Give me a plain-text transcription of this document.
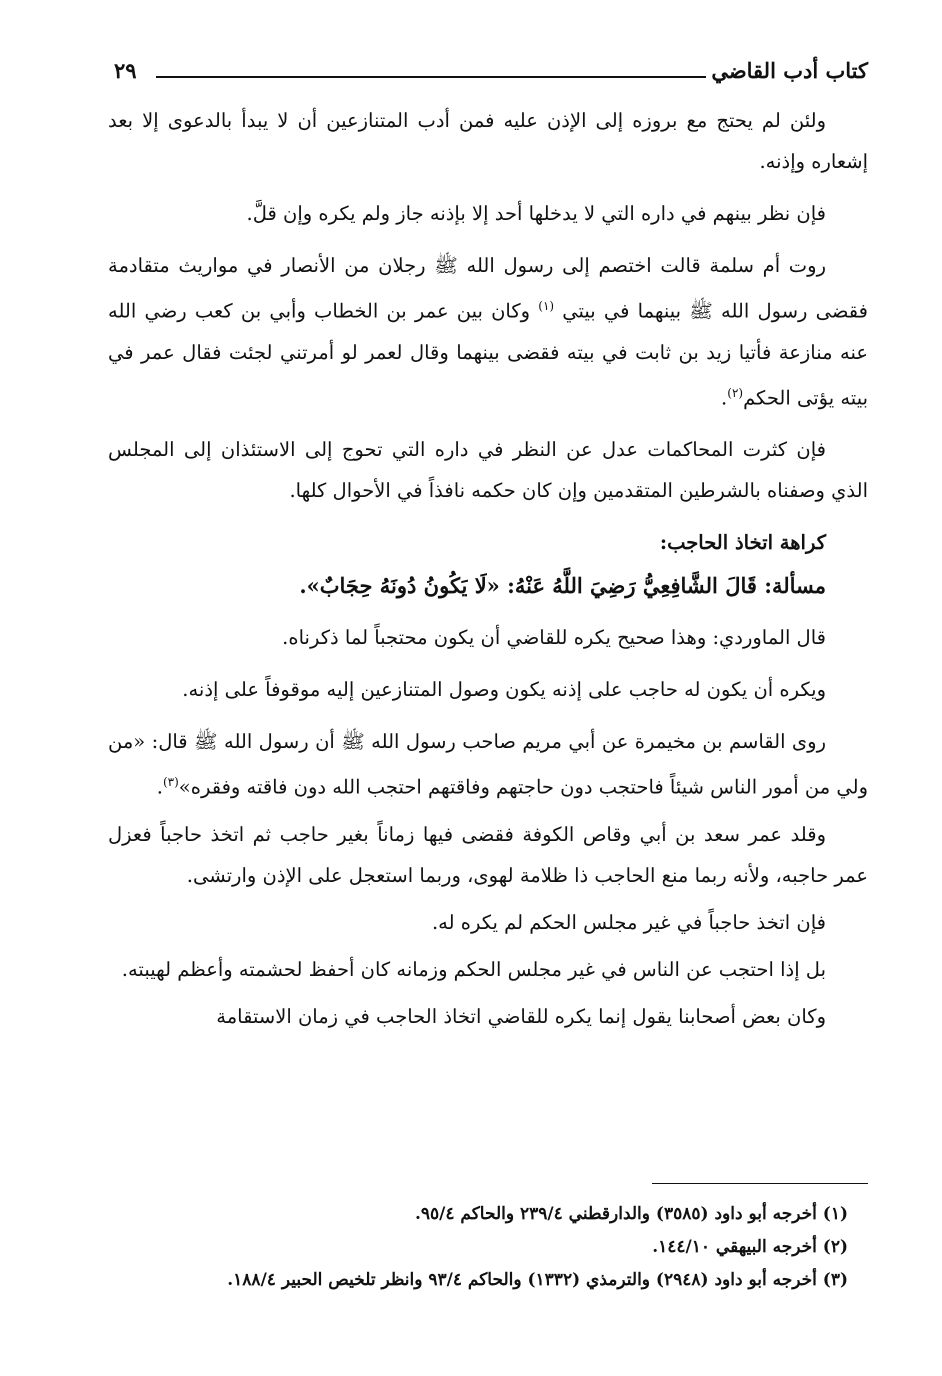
كتاب أدب القاضي
٢٩

ولئن لم يحتج مع بروزه إلى الإذن عليه فمن أدب المتنازعين أن لا يبدأ بالدعوى إلا بعد إشعاره وإذنه.

فإن نظر بينهم في داره التي لا يدخلها أحد إلا بإذنه جاز ولم يكره وإن قلَّ.

روت أم سلمة قالت اختصم إلى رسول الله ﷺ رجلان من الأنصار في مواريث متقادمة فقضى رسول الله ﷺ بينهما في بيتي $^{(١)}$ وكان بين عمر بن الخطاب وأبي بن كعب رضي الله عنه منازعة فأتيا زيد بن ثابت في بيته فقضى بينهما وقال لعمر لو أمرتني لجئت فقال عمر في بيته يؤتى الحكم$^{(٢)}$.

فإن كثرت المحاكمات عدل عن النظر في داره التي تحوج إلى الاستئذان إلى المجلس الذي وصفناه بالشرطين المتقدمين وإن كان حكمه نافذاً في الأحوال كلها.

كراهة اتخاذ الحاجب:

مسألة: قَالَ الشَّافِعِيُّ رَضِيَ اللَّهُ عَنْهُ: «لَا يَكُونُ دُونَهُ حِجَابٌ».

قال الماوردي: وهذا صحيح يكره للقاضي أن يكون محتجباً لما ذكرناه.

ويكره أن يكون له حاجب على إذنه يكون وصول المتنازعين إليه موقوفاً على إذنه.

روى القاسم بن مخيمرة عن أبي مريم صاحب رسول الله ﷺ أن رسول الله ﷺ قال: «من ولي من أمور الناس شيئاً فاحتجب دون حاجتهم وفاقتهم احتجب الله دون فاقته وفقره»$^{(٣)}$.

وقلد عمر سعد بن أبي وقاص الكوفة فقضى فيها زماناً بغير حاجب ثم اتخذ حاجباً فعزل عمر حاجبه، ولأنه ربما منع الحاجب ذا ظلامة لهوى، وربما استعجل على الإذن وارتشى.

فإن اتخذ حاجباً في غير مجلس الحكم لم يكره له.

بل إذا احتجب عن الناس في غير مجلس الحكم وزمانه كان أحفظ لحشمته وأعظم لهيبته.

وكان بعض أصحابنا يقول إنما يكره للقاضي اتخاذ الحاجب في زمان الاستقامة

(١) أخرجه أبو داود (٣٥٨٥) والدارقطني ٢٣٩/٤ والحاكم ٩٥/٤.
(٢) أخرجه البيهقي ١٤٤/١٠.
(٣) أخرجه أبو داود (٢٩٤٨) والترمذي (١٣٣٢) والحاكم ٩٣/٤ وانظر تلخيص الحبير ١٨٨/٤.
